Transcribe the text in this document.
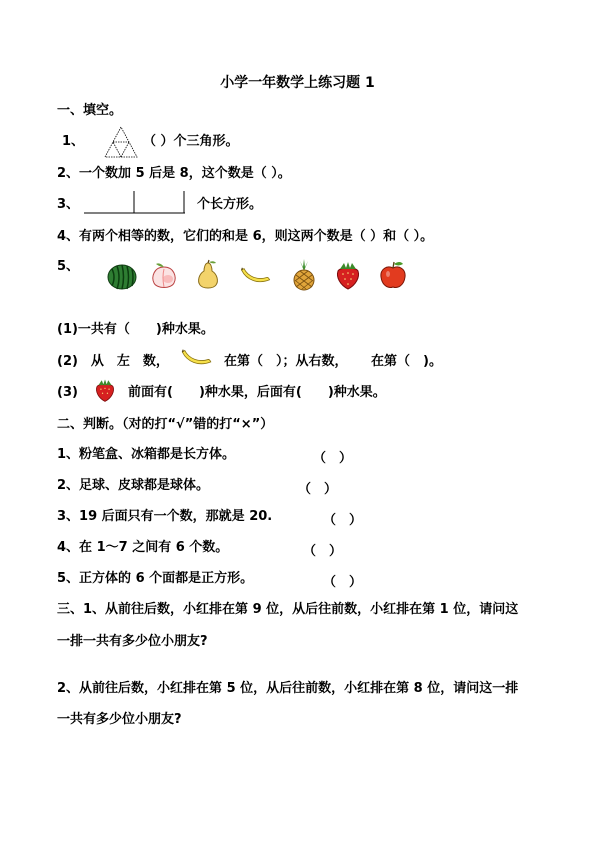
小学一年数学上练习题 1
一、填空。
1、	（ ）个三角形。
2、一个数加 5 后是 8，这个数是（ ）。
3、	个长方形。
4、有两个相等的数，它们的和是 6，则这两个数是（ ）和（ ）。
5、
(1)一共有（　　)种水果。
(2)　从　左　数，	在第（　）；从右数， 在第（　)。
(3)	前面有(　　)种水果，后面有(　　)种水果。
二、判断。（对的打“√”错的打“×”）
1、粉笔盒、冰箱都是长方体。	（　）
2、足球、皮球都是球体。	（　）
3、19 后面只有一个数，那就是 20.	（　）
4、在 1～7 之间有 6 个数。	（　）
5、正方体的 6 个面都是正方形。	（　）
三、1、从前往后数，小红排在第 9 位，从后往前数，小红排在第 1 位，请问这
一排一共有多少位小朋友?
2、从前往后数，小红排在第 5 位，从后往前数，小红排在第 8 位，请问这一排
一共有多少位小朋友?
